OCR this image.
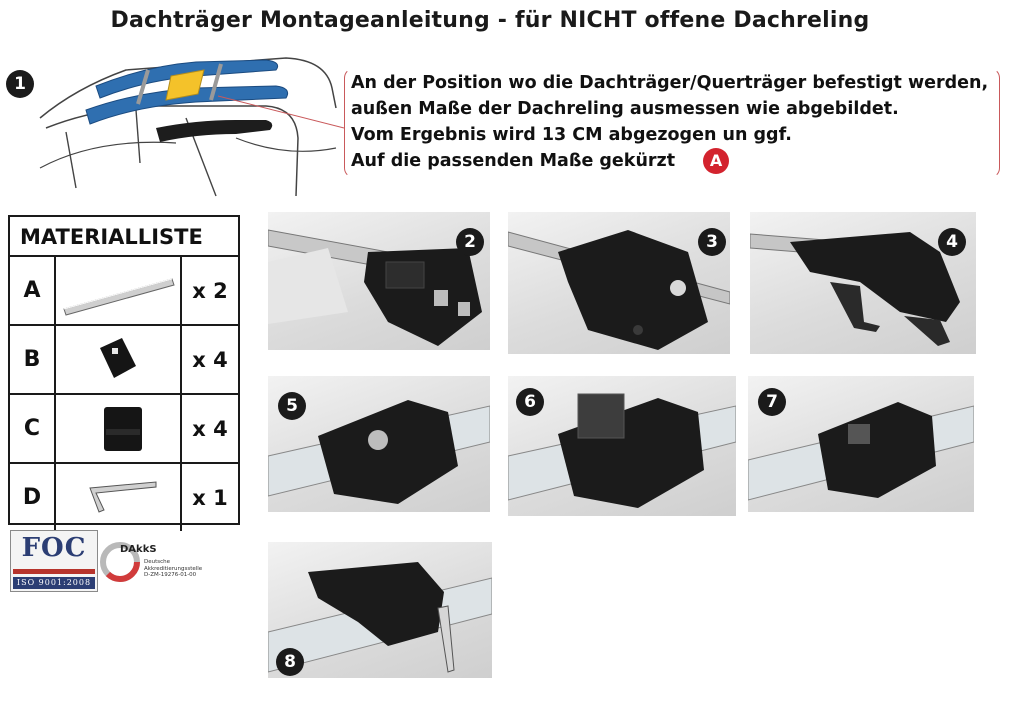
Dachträger Montageanleitung - für NICHT offene Dachreling
1	An der Position wo die Dachträger/Querträger befestigt werden,
außen Maße der Dachreling ausmessen wie abgebildet.
Vom Ergebnis wird 13 CM abgezogen un ggf.
Auf die passenden Maße gekürzt A
MATERIALLISTE
A	x 2
B	x 4
C	x 4
D	x 1
2	3	4
5	6	7
8
FOC
ISO 9001:2008
DAkkS
Deutsche
Akkreditierungsstelle
D-ZM-19276-01-00
